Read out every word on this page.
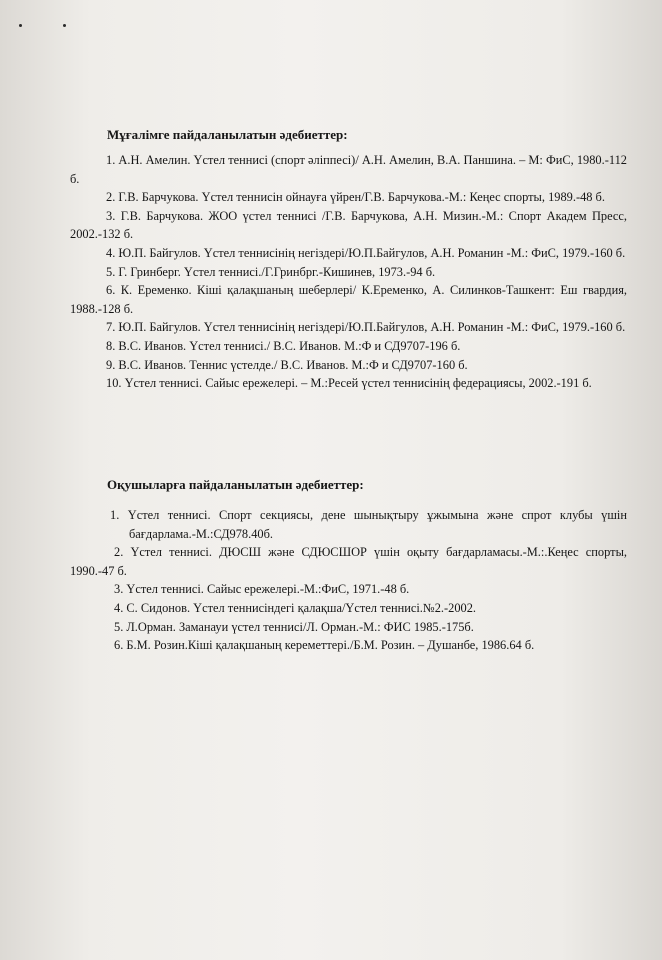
Мұғалімге пайдаланылатын әдебиеттер:
1. А.Н. Амелин. Үстел теннисі (спорт әліппесі)/ А.Н. Амелин, В.А. Паншина. – М: ФиС, 1980.-112 б.
2. Г.В. Барчукова. Үстел теннисін ойнауға үйрен/Г.В. Барчукова.-М.: Кеңес спорты, 1989.-48 б.
3. Г.В. Барчукова. ЖОО үстел теннисі /Г.В. Барчукова, А.Н. Мизин.-М.: Спорт Академ Пресс, 2002.-132 б.
4. Ю.П. Байгулов. Үстел теннисінің негіздері/Ю.П.Байгулов, А.Н. Романин -М.: ФиС, 1979.-160 б.
5. Г. Гринберг. Үстел теннисі./Г.Гринбрг.-Кишинев, 1973.-94 б.
6. К. Еременко. Кіші қалақшаның шеберлері/ К.Еременко, А. Силинков-Ташкент: Еш гвардия, 1988.-128 б.
7. Ю.П. Байгулов. Үстел теннисінің негіздері/Ю.П.Байгулов, А.Н. Романин -М.: ФиС, 1979.-160 б.
8. В.С. Иванов. Үстел теннисі./ В.С. Иванов. М.:Ф и СД9707-196 б.
9. В.С. Иванов. Теннис үстелде./ В.С. Иванов. М.:Ф и СД9707-160 б.
10. Үстел теннисі. Сайыс ережелері. – М.:Ресей үстел теннисінің федерациясы, 2002.-191 б.
Оқушыларға пайдаланылатын әдебиеттер:
1. Үстел теннисі. Спорт секциясы, дене шынықтыру ұжымына және спрот клубы үшін бағдарлама.-М.:СД978.40б.
2. Үстел теннисі. ДЮСШ және СДЮСШОР үшін оқыту бағдарламасы.-М.:.Кеңес спорты, 1990.-47 б.
3. Үстел теннисі. Сайыс ережелері.-М.:ФиС, 1971.-48 б.
4. С. Сидонов. Үстел теннисіндегі қалақша/Үстел теннисі.№2.-2002.
5. Л.Орман. Заманауи үстел теннисі/Л. Орман.-М.: ФИС 1985.-175б.
6. Б.М. Розин.Кіші қалақшаның кереметтері./Б.М. Розин. – Душанбе, 1986.64 б.
